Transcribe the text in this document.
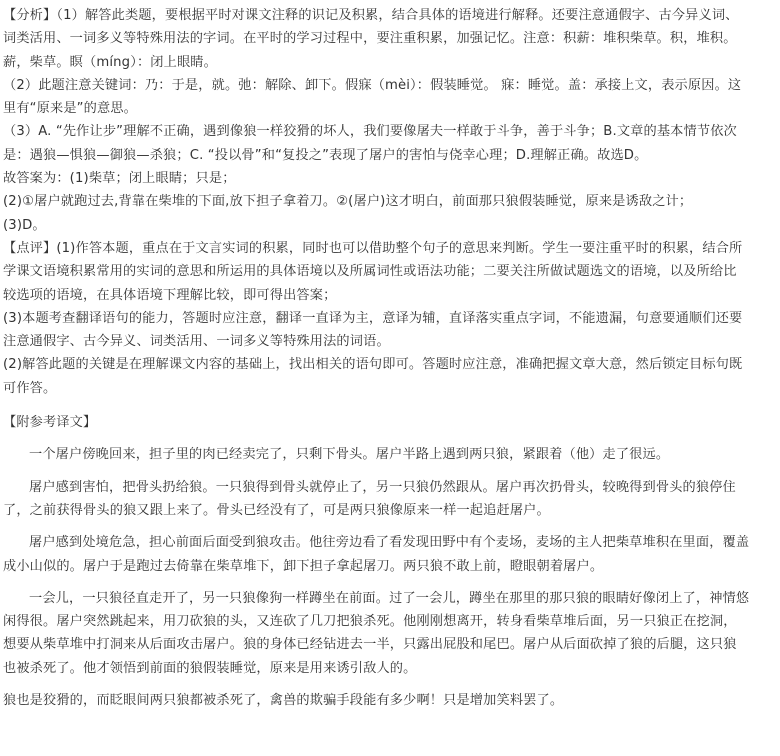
【分析】（1）解答此类题，要根据平时对课文注释的识记及积累，结合具体的语境进行解释。还要注意通假字、古今异义词、
词类活用、一词多义等特殊用法的字词。在平时的学习过程中，要注重积累，加强记忆。注意：积薪：堆积柴草。积，堆积。
薪，柴草。瞑（míng）：闭上眼睛。
（2）此题注意关键词：乃：于是，就。弛：解除、卸下。假寐（mèi）：假装睡觉。 寐：睡觉。盖：承接上文，表示原因。这
里有“原来是”的意思。
（3）A. “先作让步”理解不正确，遇到像狼一样狡猾的坏人，我们要像屠夫一样敢于斗争，善于斗争；B.文章的基本情节依次
是：遇狼—惧狼—御狼—杀狼；C. “投以骨”和“复投之”表现了屠户的害怕与侥幸心理；D.理解正确。故选D。
故答案为：(1)柴草；闭上眼睛；只是；
(2)①屠户就跑过去,背靠在柴堆的下面,放下担子拿着刀。②(屠户)这才明白，前面那只狼假装睡觉，原来是诱敌之计；
(3)D。
【点评】(1)作答本题，重点在于文言实词的积累，同时也可以借助整个句子的意思来判断。学生一要注重平时的积累，结合所
学课文语境积累常用的实词的意思和所运用的具体语境以及所属词性或语法功能；二要关注所做试题选文的语境，以及所给比
较选项的语境，在具体语境下理解比较，即可得出答案；
(3)本题考查翻译语句的能力，答题时应注意，翻译一直译为主，意译为辅，直译落实重点字词，不能遗漏，句意要通顺们还要
注意通假字、古今异义、词类活用、一词多义等特殊用法的词语。
(2)解答此题的关键是在理解课文内容的基础上，找出相关的语句即可。答题时应注意，准确把握文章大意，然后锁定目标句既
可作答。
【附参考译文】
一个屠户傍晚回来，担子里的肉已经卖完了，只剩下骨头。屠户半路上遇到两只狼，紧跟着（他）走了很远。
屠户感到害怕，把骨头扔给狼。一只狼得到骨头就停止了，另一只狼仍然跟从。屠户再次扔骨头，较晚得到骨头的狼停住
了，之前获得骨头的狼又跟上来了。骨头已经没有了，可是两只狼像原来一样一起追赶屠户。
屠户感到处境危急，担心前面后面受到狼攻击。他往旁边看了看发现田野中有个麦场，麦场的主人把柴草堆积在里面，覆盖
成小山似的。屠户于是跑过去倚靠在柴草堆下，卸下担子拿起屠刀。两只狼不敢上前，瞪眼朝着屠户。
一会儿，一只狼径直走开了，另一只狼像狗一样蹲坐在前面。过了一会儿，蹲坐在那里的那只狼的眼睛好像闭上了，神情悠
闲得很。屠户突然跳起来，用刀砍狼的头，又连砍了几刀把狼杀死。他刚刚想离开，转身看柴草堆后面，另一只狼正在挖洞，
想要从柴草堆中打洞来从后面攻击屠户。狼的身体已经钻进去一半，只露出屁股和尾巴。屠户从后面砍掉了狼的后腿，这只狼
也被杀死了。他才领悟到前面的狼假装睡觉，原来是用来诱引敌人的。
狼也是狡猾的，而眨眼间两只狼都被杀死了，禽兽的欺骗手段能有多少啊！只是增加笑料罢了。
